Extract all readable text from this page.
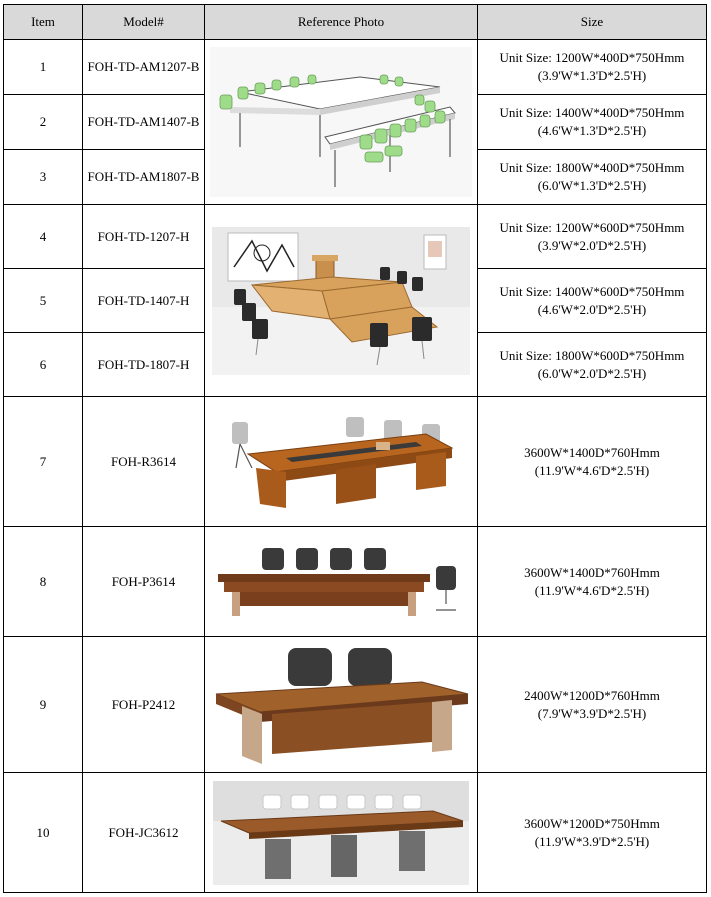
Item	Model#	Reference Photo	Size
1	FOH-TD-AM1207-B		Unit Size: 1200W*400D*750Hmm
(3.9'W*1.3'D*2.5'H)

2	FOH-TD-AM1407-B		Unit Size: 1400W*400D*750Hmm
(4.6'W*1.3'D*2.5'H)

3	FOH-TD-AM1807-B		Unit Size: 1800W*400D*750Hmm
(6.0'W*1.3'D*2.5'H)

4	FOH-TD-1207-H		Unit Size: 1200W*600D*750Hmm
(3.9'W*2.0'D*2.5'H)

5	FOH-TD-1407-H		Unit Size: 1400W*600D*750Hmm
(4.6'W*2.0'D*2.5'H)

6	FOH-TD-1807-H		Unit Size: 1800W*600D*750Hmm
(6.0'W*2.0'D*2.5'H)

7	FOH-R3614		3600W*1400D*760Hmm
(11.9'W*4.6'D*2.5'H)

8	FOH-P3614		3600W*1400D*760Hmm
(11.9'W*4.6'D*2.5'H)

9	FOH-P2412		2400W*1200D*760Hmm
(7.9'W*3.9'D*2.5'H)

10	FOH-JC3612		3600W*1200D*750Hmm
(11.9'W*3.9'D*2.5'H)
